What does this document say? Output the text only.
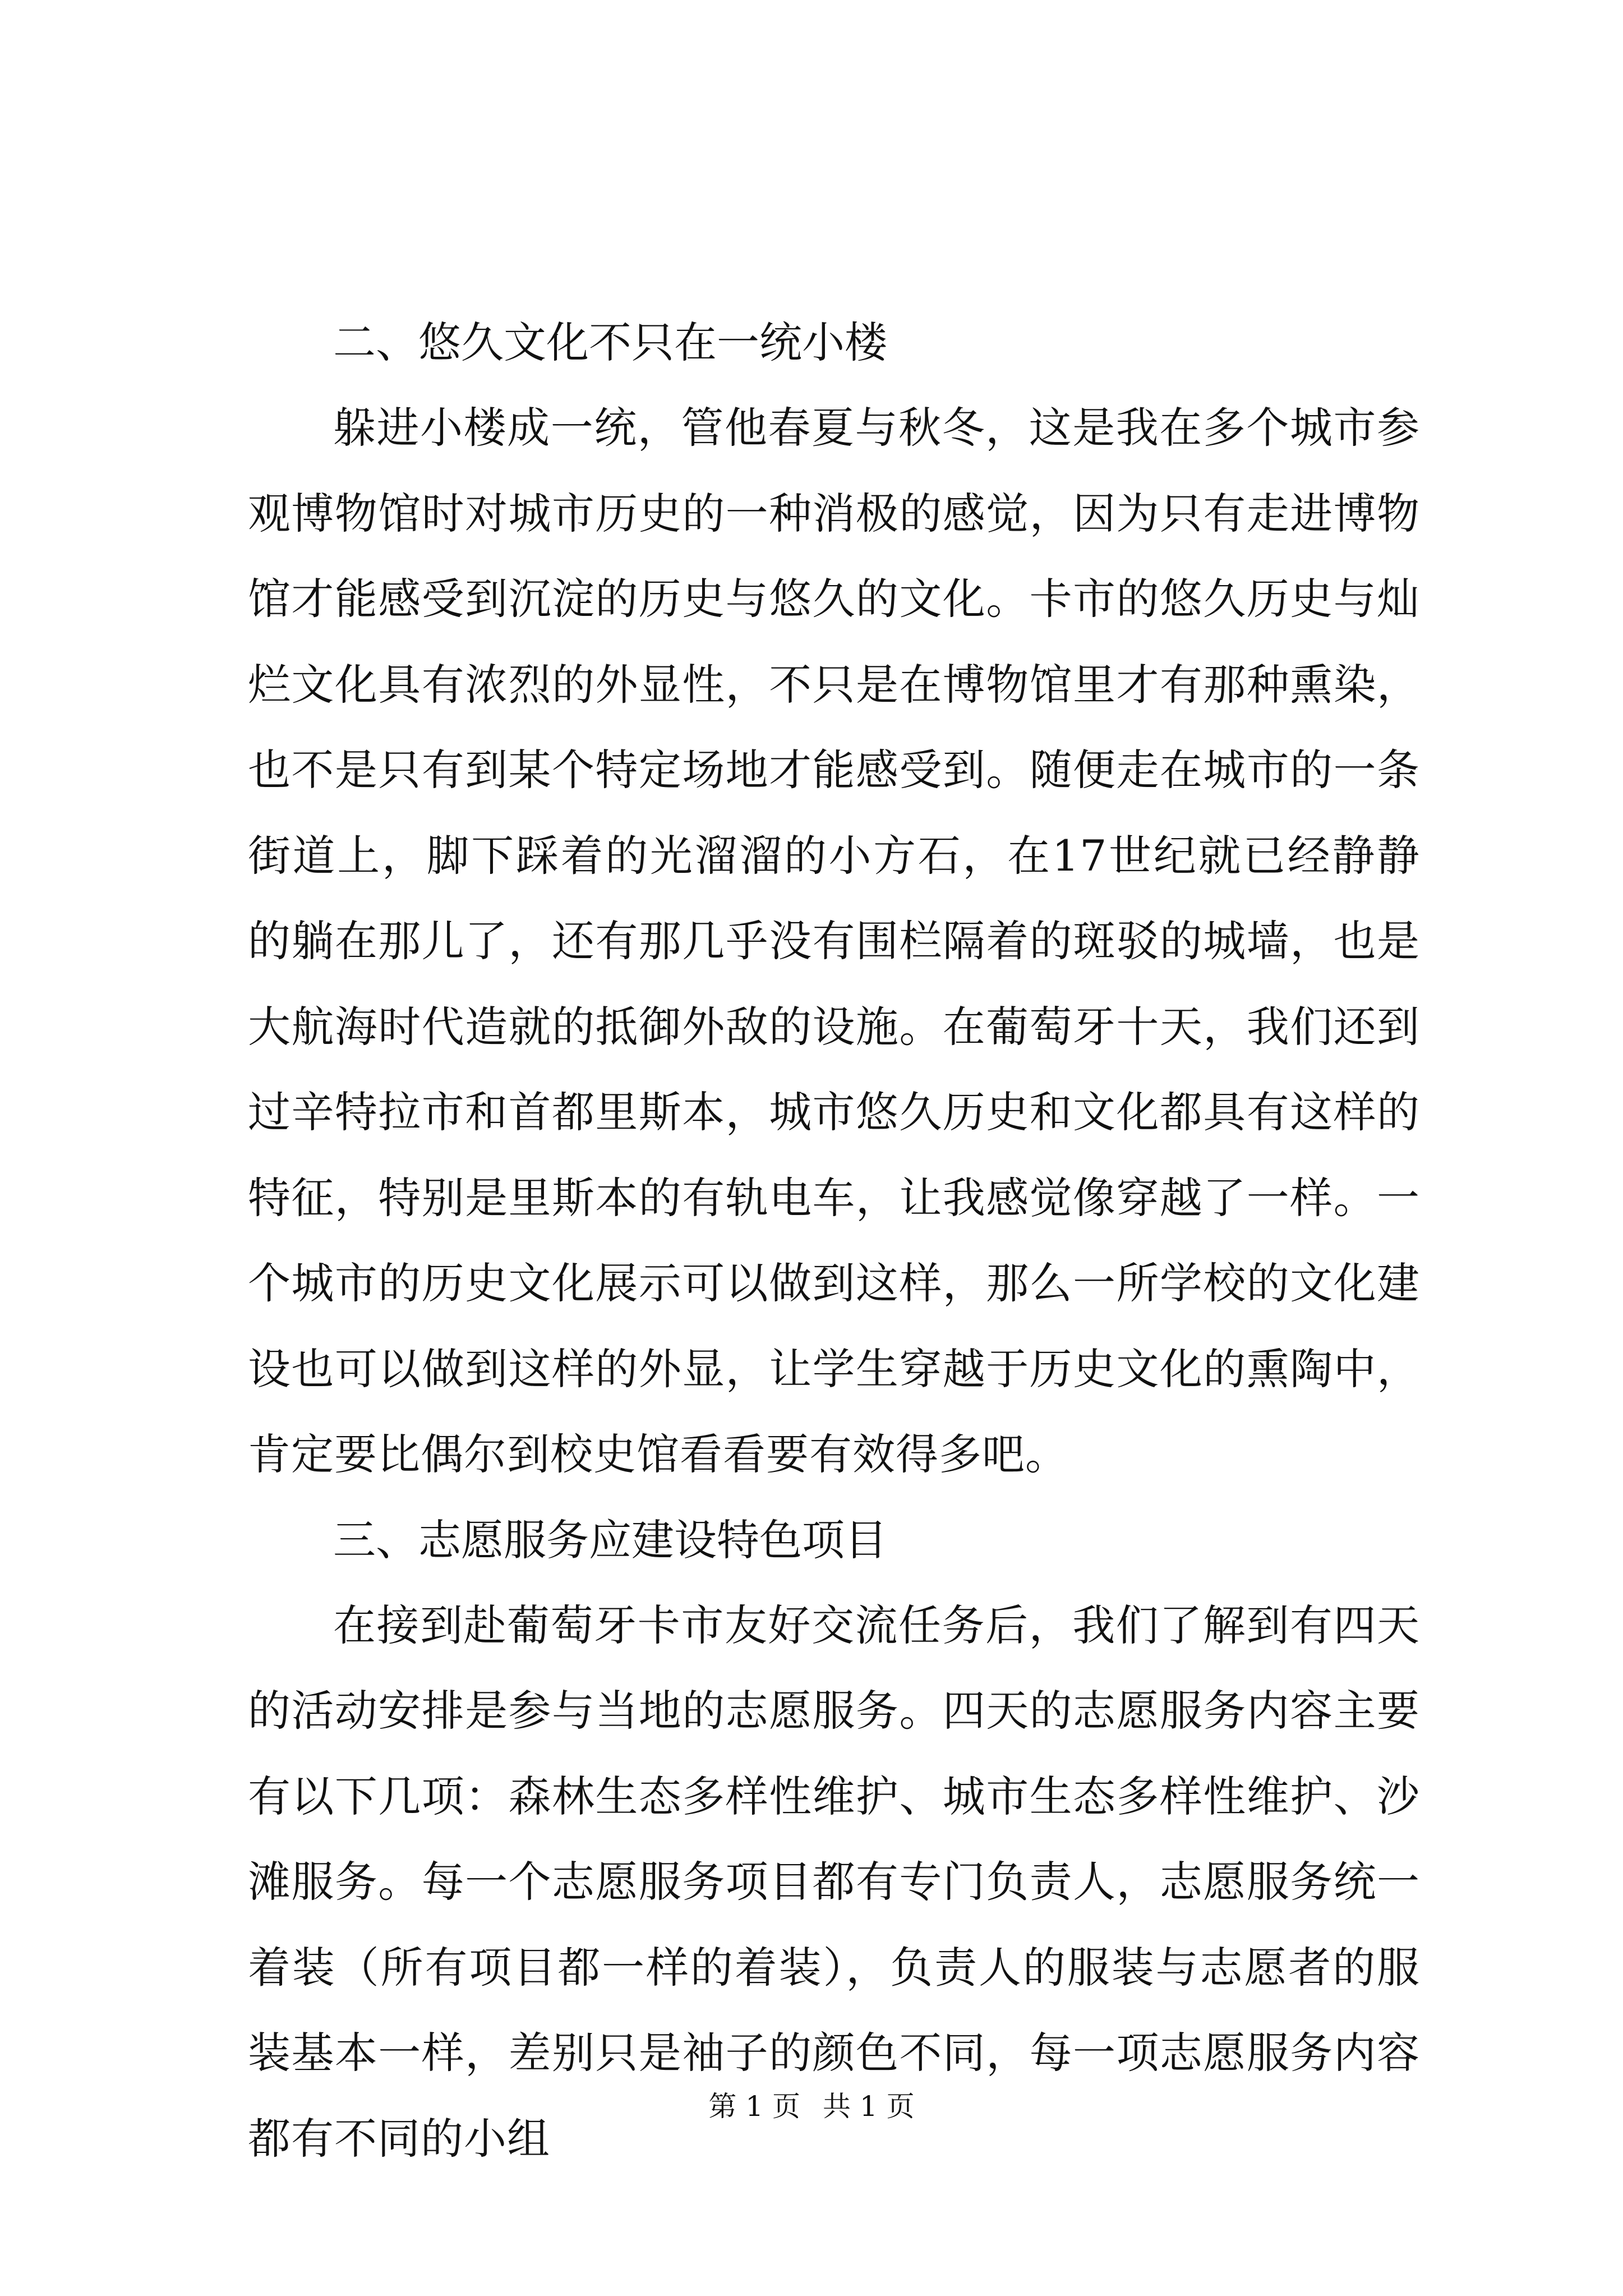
二、悠久文化不只在一统小楼

躲进小楼成一统，管他春夏与秋冬，这是我在多个城市参观博物馆时对城市历史的一种消极的感觉，因为只有走进博物馆才能感受到沉淀的历史与悠久的文化。卡市的悠久历史与灿烂文化具有浓烈的外显性，不只是在博物馆里才有那种熏染，也不是只有到某个特定场地才能感受到。随便走在城市的一条街道上，脚下踩着的光溜溜的小方石，在17世纪就已经静静的躺在那儿了，还有那几乎没有围栏隔着的斑驳的城墙，也是大航海时代造就的抵御外敌的设施。在葡萄牙十天，我们还到过辛特拉市和首都里斯本，城市悠久历史和文化都具有这样的特征，特别是里斯本的有轨电车，让我感觉像穿越了一样。一个城市的历史文化展示可以做到这样，那么一所学校的文化建设也可以做到这样的外显，让学生穿越于历史文化的熏陶中，肯定要比偶尔到校史馆看看要有效得多吧。

三、志愿服务应建设特色项目

在接到赴葡萄牙卡市友好交流任务后，我们了解到有四天的活动安排是参与当地的志愿服务。四天的志愿服务内容主要有以下几项：森林生态多样性维护、城市生态多样性维护、沙滩服务。每一个志愿服务项目都有专门负责人，志愿服务统一着装（所有项目都一样的着装），负责人的服装与志愿者的服装基本一样，差别只是袖子的颜色不同，每一项志愿服务内容都有不同的小组

第 1 页 共 1 页
